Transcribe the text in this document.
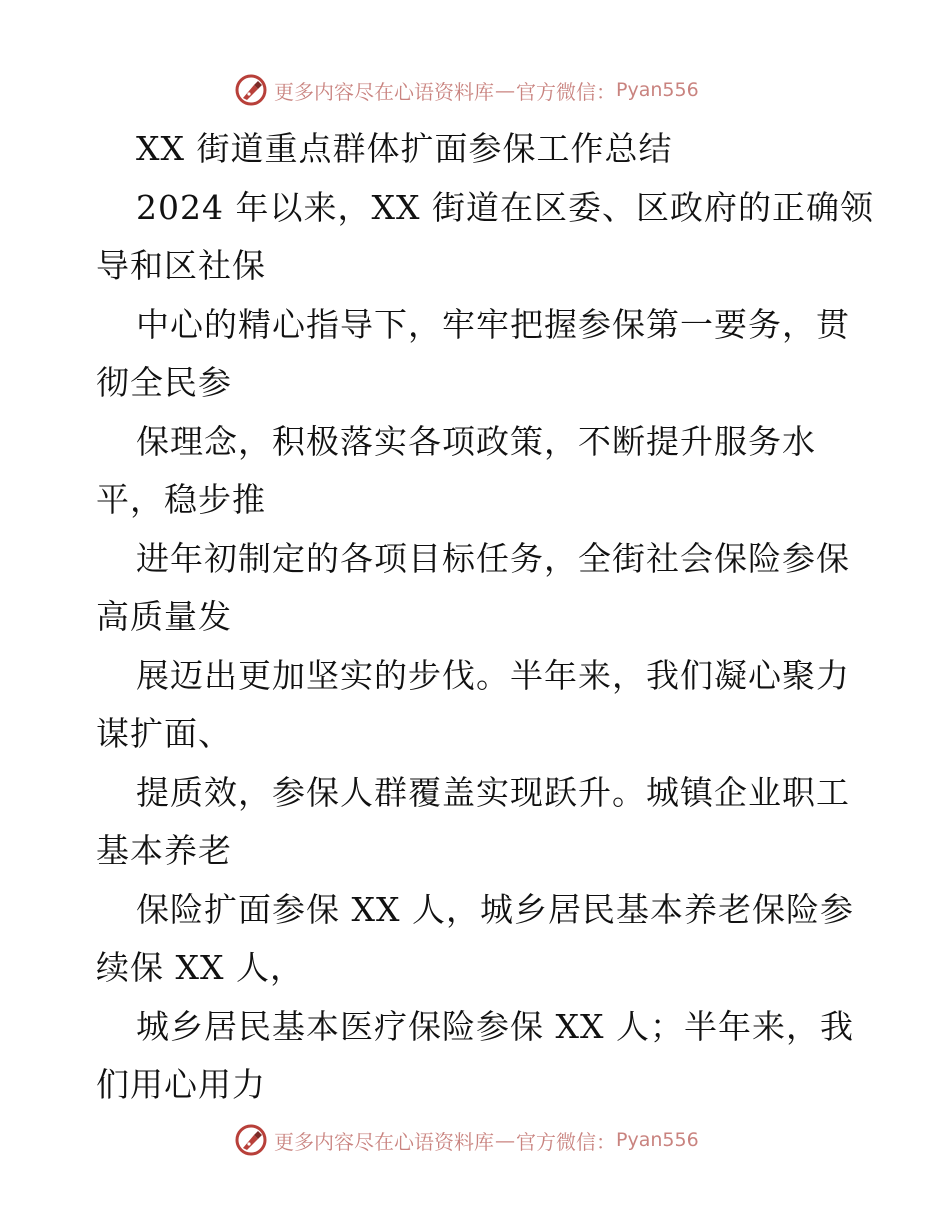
更多内容尽在心语资料库 — 官方微信： Pyan556
XX 街道重点群体扩面参保工作总结
2024 年以来，XX 街道在区委、区政府的正确领
导和区社保
中心的精心指导下，牢牢把握参保第一要务，贯
彻全民参
保理念，积极落实各项政策，不断提升服务水
平，稳步推
进年初制定的各项目标任务，全街社会保险参保
高质量发
展迈出更加坚实的步伐。半年来，我们凝心聚力
谋扩面、
提质效，参保人群覆盖实现跃升。城镇企业职工
基本养老
保险扩面参保 XX 人，城乡居民基本养老保险参
续保 XX 人，
城乡居民基本医疗保险参保 XX 人；半年来，我
们用心用力
更多内容尽在心语资料库 — 官方微信： Pyan556
